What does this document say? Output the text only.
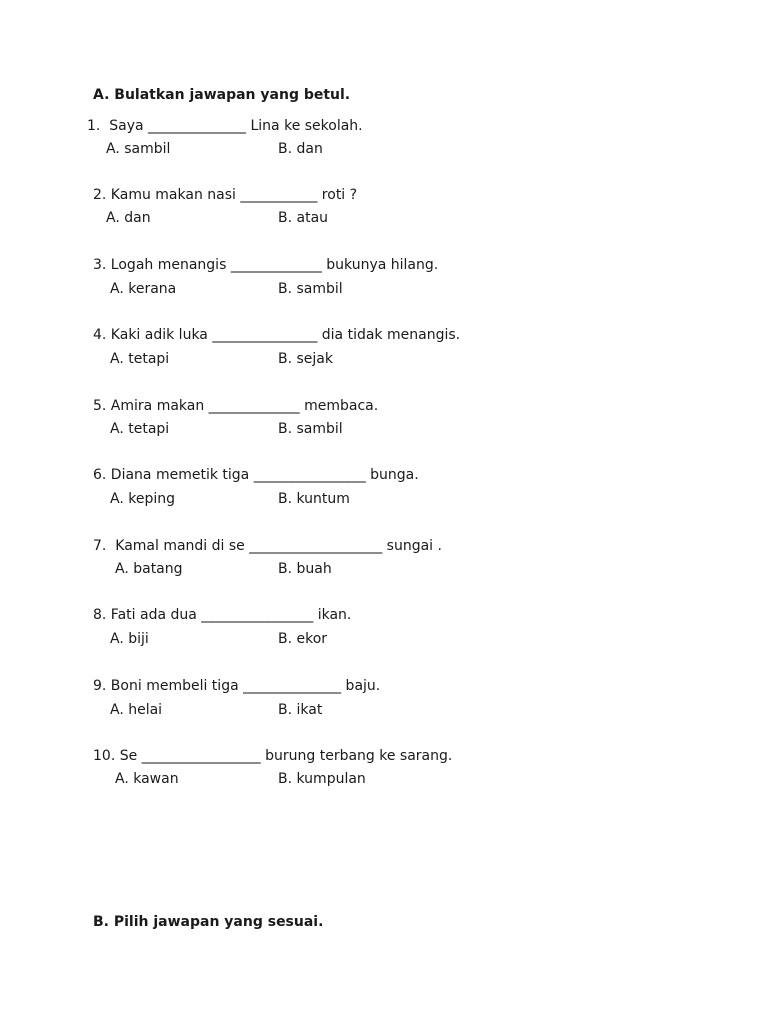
A. Bulatkan jawapan yang betul.
1.  Saya ______________ Lina ke sekolah.
A. sambil	B. dan
2. Kamu makan nasi ___________ roti ?
A. dan	B. atau
3. Logah menangis _____________ bukunya hilang.
A. kerana	B. sambil
4. Kaki adik luka _______________ dia tidak menangis.
A. tetapi	B. sejak
5. Amira makan _____________ membaca.
A. tetapi	B. sambil
6. Diana memetik tiga ________________ bunga.
A. keping	B. kuntum
7.  Kamal mandi di se ___________________ sungai .
A. batang	B. buah
8. Fati ada dua ________________ ikan.
A. biji	B. ekor
9. Boni membeli tiga ______________ baju.
A. helai	B. ikat
10. Se _________________ burung terbang ke sarang.
A. kawan	B. kumpulan
B. Pilih jawapan yang sesuai.
